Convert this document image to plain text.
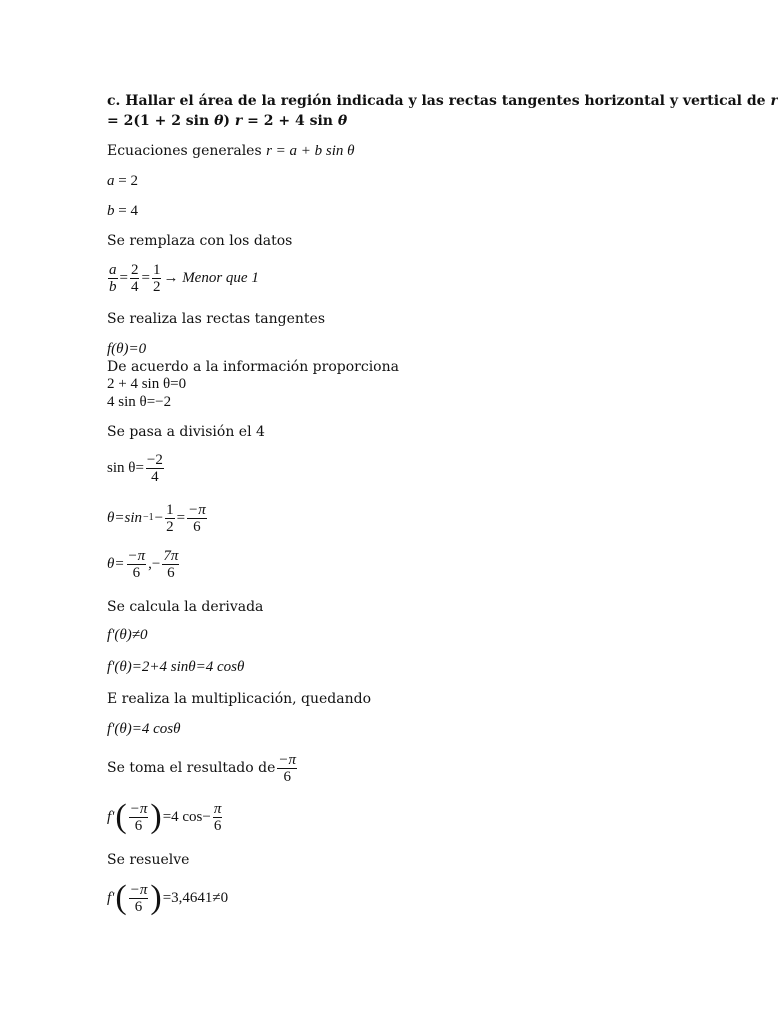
c. Hallar el área de la región indicada y las rectas tangentes horizontal y vertical de r
= 2(1 + 2 sin θ) r = 2 + 4 sin θ
Ecuaciones generales r = a + b sin θ
a = 2
b = 4
Se remplaza con los datos
$\frac{a}{b} = \frac{2}{4} = \frac{1}{2}$ → Menor que 1
Se realiza las rectas tangentes
f(θ)=0
De acuerdo a la información proporciona
2 + 4 sin θ=0
4 sin θ=−2
Se pasa a división el 4
$\sin \theta= \frac{-2}{4}$
$\theta=\sin -1 - \frac{1}{2} = \frac{-\pi}{6}$
$\theta= \frac{-\pi}{6}$ ,− $\frac{7\pi}{6}$
Se calcula la derivada
f'(θ)≠0
f'(θ)=2+4 sinθ=4 cosθ
E realiza la multiplicación, quedando
f'(θ)=4 cosθ
Se toma el resultado de $\frac{-\pi}{6}$
f' ( $\frac{-\pi}{6}$ ) =4 $\cos- \frac{\pi}{6}$
Se resuelve
f' ( $\frac{-\pi}{6}$ ) =3,4641≠0
